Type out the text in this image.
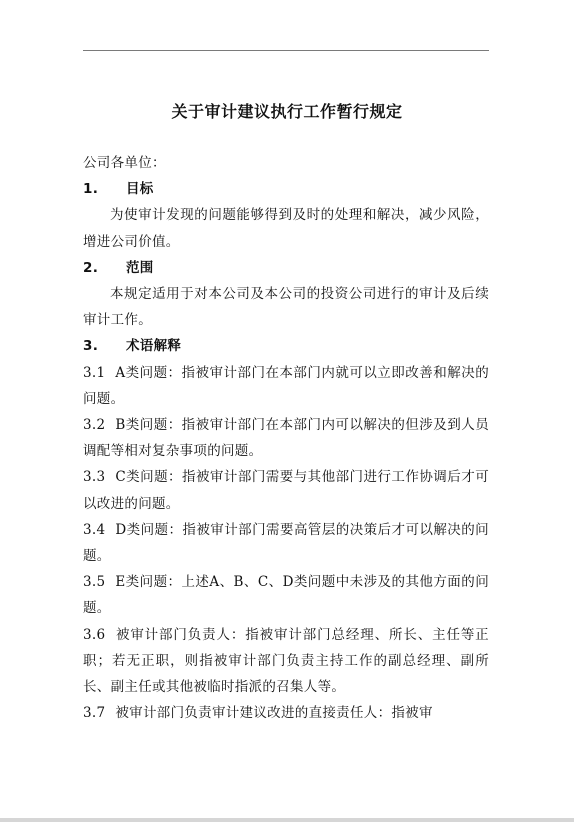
关于审计建议执行工作暂行规定

公司各单位：

1.	目标

为使审计发现的问题能够得到及时的处理和解决，减少风险，增进公司价值。

2.	范围

本规定适用于对本公司及本公司的投资公司进行的审计及后续审计工作。

3.	术语解释

3.1 A类问题：指被审计部门在本部门内就可以立即改善和解决的问题。

3.2 B类问题：指被审计部门在本部门内可以解决的但涉及到人员调配等相对复杂事项的问题。

3.3 C类问题：指被审计部门需要与其他部门进行工作协调后才可以改进的问题。

3.4 D类问题：指被审计部门需要高管层的决策后才可以解决的问题。

3.5 E类问题：上述A、B、C、D类问题中未涉及的其他方面的问题。

3.6 被审计部门负责人：指被审计部门总经理、所长、主任等正职；若无正职，则指被审计部门负责主持工作的副总经理、副所长、副主任或其他被临时指派的召集人等。

3.7 被审计部门负责审计建议改进的直接责任人：指被审
